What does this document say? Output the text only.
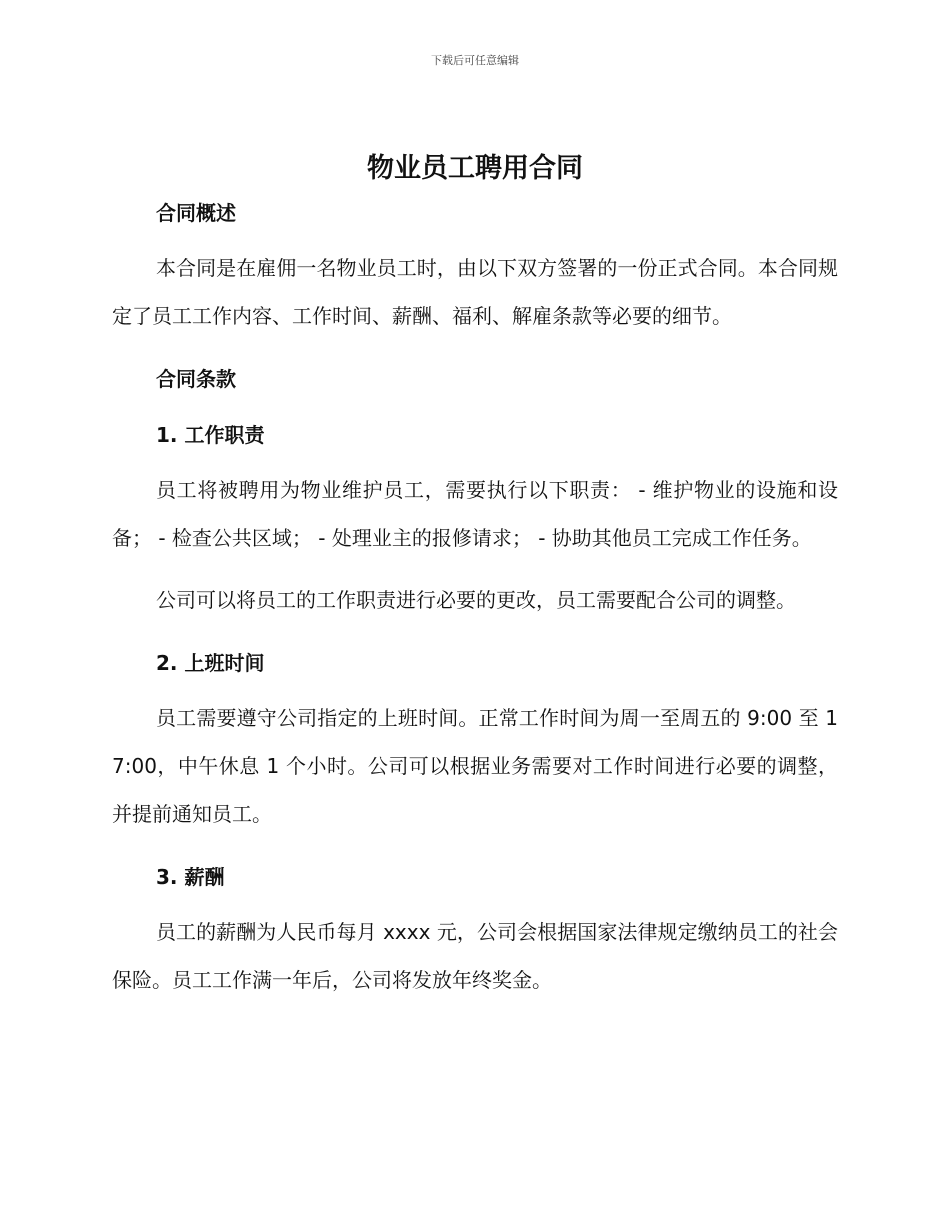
下载后可任意编辑
物业员工聘用合同
合同概述

本合同是在雇佣一名物业员工时，由以下双方签署的一份正式合同。本合同规定了员工工作内容、工作时间、薪酬、福利、解雇条款等必要的细节。

合同条款
1. 工作职责

员工将被聘用为物业维护员工，需要执行以下职责： - 维护物业的设施和设备； - 检查公共区域； - 处理业主的报修请求； - 协助其他员工完成工作任务。

公司可以将员工的工作职责进行必要的更改，员工需要配合公司的调整。

2. 上班时间

员工需要遵守公司指定的上班时间。正常工作时间为周一至周五的 9:00 至 17:00，中午休息 1 个小时。公司可以根据业务需要对工作时间进行必要的调整，并提前通知员工。

3. 薪酬

员工的薪酬为人民币每月 xxxx 元，公司会根据国家法律规定缴纳员工的社会保险。员工工作满一年后，公司将发放年终奖金。
